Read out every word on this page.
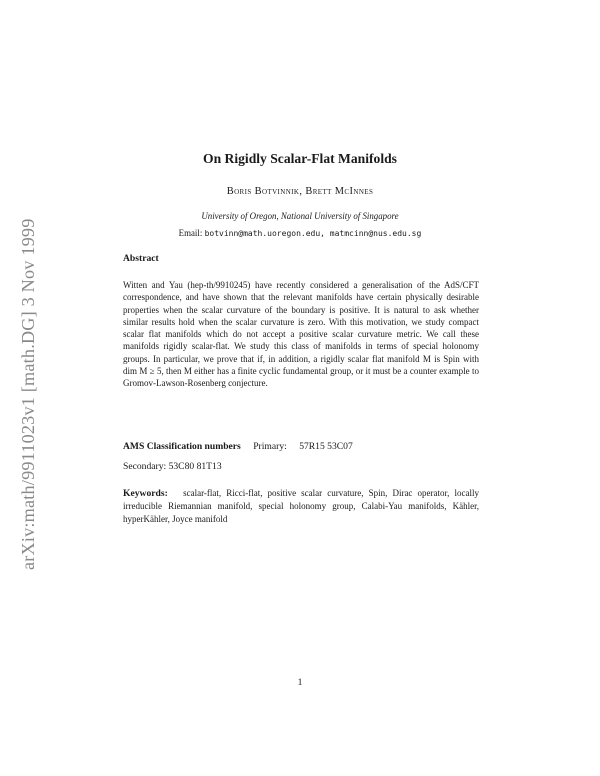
arXiv:math/9911023v1 [math.DG] 3 Nov 1999
On Rigidly Scalar-Flat Manifolds
Boris Botvinnik, Brett McInnes
University of Oregon, National University of Singapore
Email: botvinn@math.uoregon.edu, matmcinn@nus.edu.sg
Abstract

Witten and Yau (hep-th/9910245) have recently considered a generalisation of the AdS/CFT correspondence, and have shown that the relevant manifolds have certain physically desirable properties when the scalar curvature of the boundary is positive. It is natural to ask whether similar results hold when the scalar curvature is zero. With this motivation, we study compact scalar flat manifolds which do not accept a positive scalar curvature metric. We call these manifolds rigidly scalar-flat. We study this class of manifolds in terms of special holonomy groups. In particular, we prove that if, in addition, a rigidly scalar flat manifold M is Spin with dim M ≥ 5, then M either has a finite cyclic fundamental group, or it must be a counter example to Gromov-Lawson-Rosenberg conjecture.

AMS Classification numbers Primary: 57R15 53C07
Secondary: 53C80 81T13

Keywords: scalar-flat, Ricci-flat, positive scalar curvature, Spin, Dirac operator, locally irreducible Riemannian manifold, special holonomy group, Calabi-Yau manifolds, Kähler, hyperKähler, Joyce manifold

1
